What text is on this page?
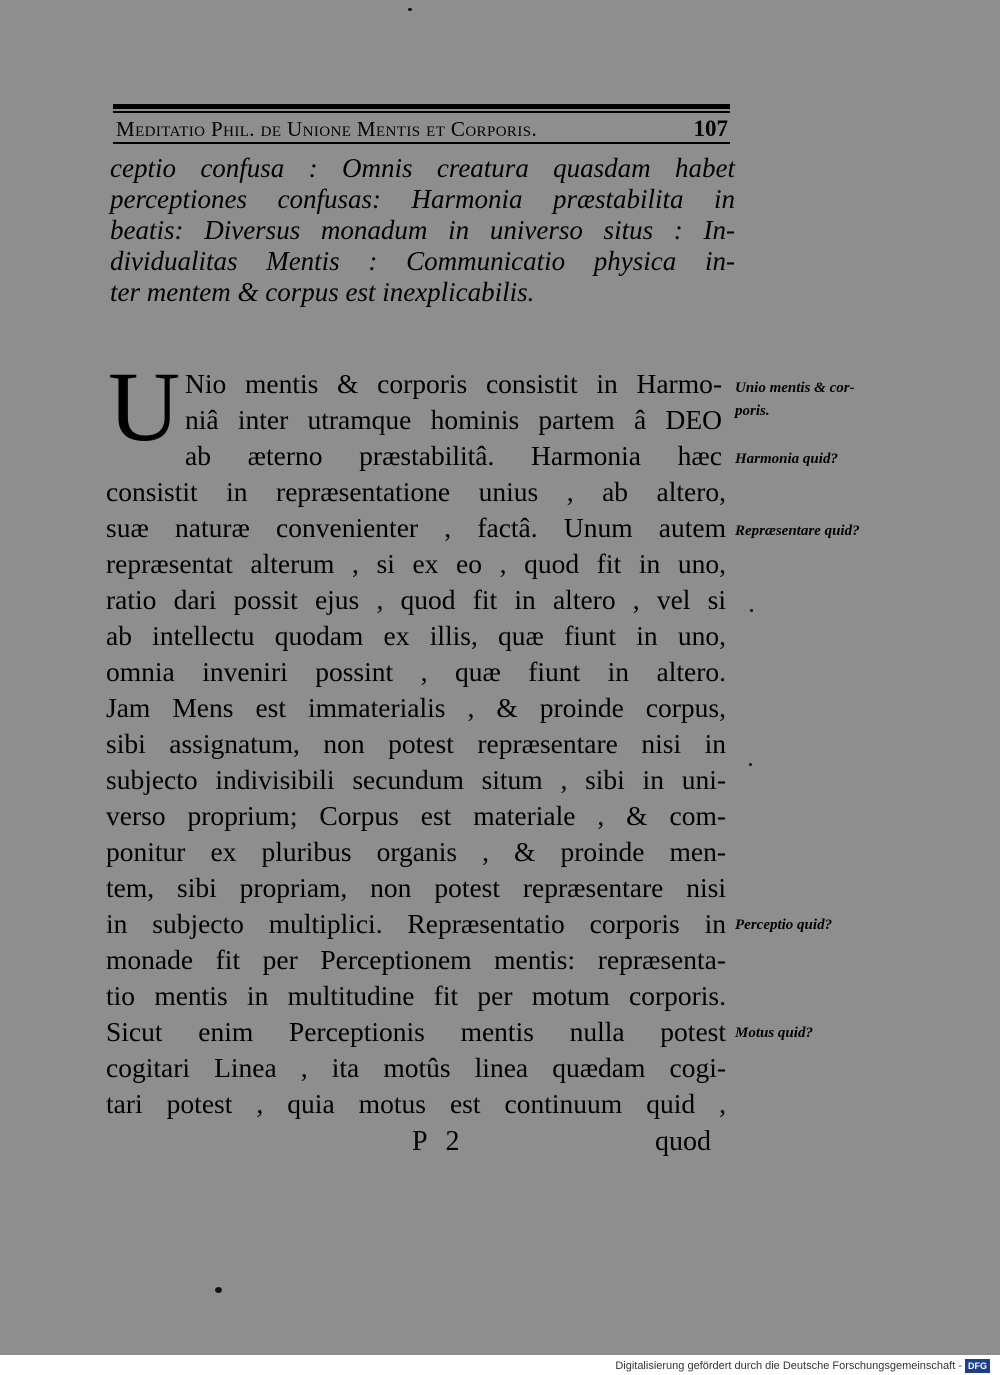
Meditatio Phil. de Unione Mentis et Corporis.	107

ceptio confusa : Omnis creatura quasdam habet
perceptiones confusas: Harmonia præstabilita in
beatis: Diversus monadum in universo situs : In-
dividualitas Mentis : Communicatio physica in-
ter mentem & corpus est inexplicabilis.

U Nio mentis & corporis consistit in Harmo-
niâ inter utramque hominis partem â DEO
ab æterno præstabilitâ. Harmonia hæc
consistit in repræsentatione unius , ab altero,
suæ naturæ convenienter , factâ. Unum autem
repræsentat alterum , si ex eo , quod fit in uno,
ratio dari possit ejus , quod fit in altero , vel si
ab intellectu quodam ex illis, quæ fiunt in uno,
omnia inveniri possint , quæ fiunt in altero.
Jam Mens est immaterialis , & proinde corpus,
sibi assignatum, non potest repræsentare nisi in
subjecto indivisibili secundum situm , sibi in uni-
verso proprium; Corpus est materiale , & com-
ponitur ex pluribus organis , & proinde men-
tem, sibi propriam, non potest repræsentare nisi
in subjecto multiplici. Repræsentatio corporis in
monade fit per Perceptionem mentis: repræsenta-
tio mentis in multitudine fit per motum corporis.
Sicut enim Perceptionis mentis nulla potest
cogitari Linea , ita motûs linea quædam cogi-
tari potest , quia motus est continuum quid ,
Unio mentis & cor-
poris.
Harmonia quid?
Repræsentare quid?
Perceptio quid?
Motus quid?
P 2	quod
Digitalisierung gefördert durch die Deutsche Forschungsgemeinschaft - DFG
